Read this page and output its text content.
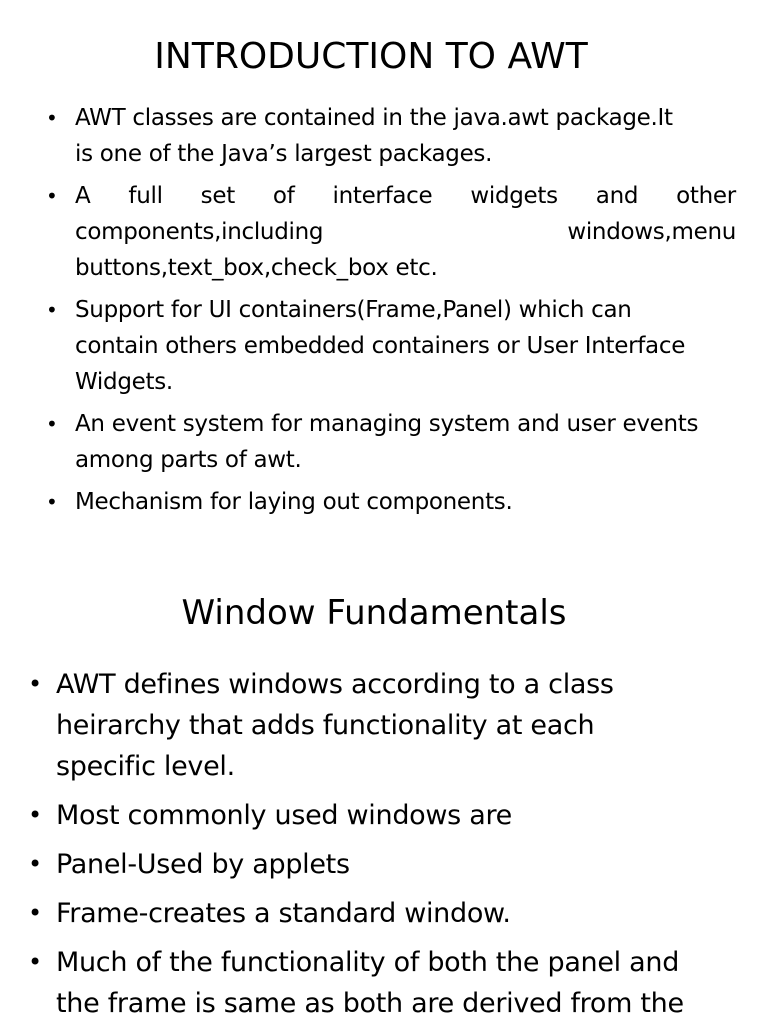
INTRODUCTION TO AWT
• AWT classes are contained in the java.awt package.It
is one of the Java’s largest packages.
• A full set of interface widgets and other
components,including	windows,menu
buttons,text_box,check_box etc.
• Support for UI containers(Frame,Panel) which can
contain others embedded containers or User Interface
Widgets.
• An event system for managing system and user events
among parts of awt.
• Mechanism for laying out components.
Window Fundamentals
• AWT defines windows according to a class
heirarchy that adds functionality at each
specific level.
• Most commonly used windows are
• Panel-Used by applets
• Frame-creates a standard window.
• Much of the functionality of both the panel and
the frame is same as both are derived from the
